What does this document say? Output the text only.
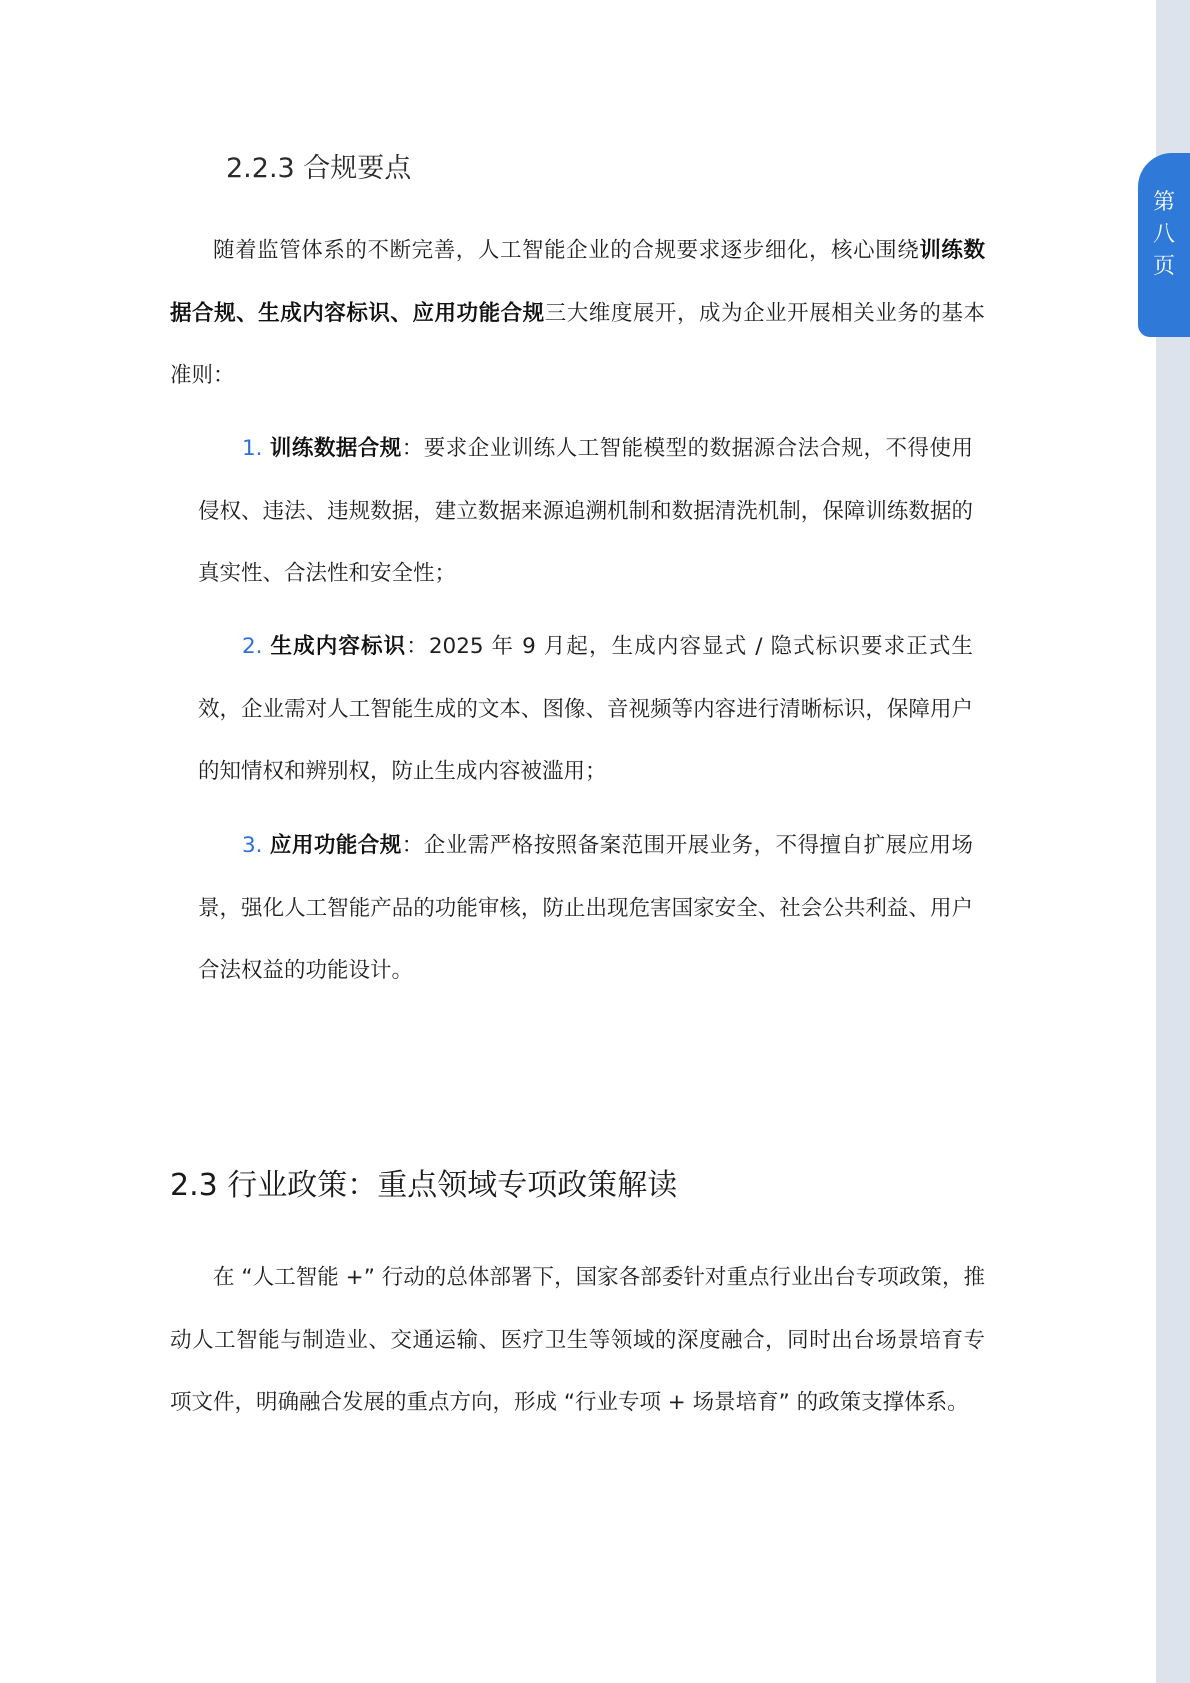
2.2.3 合规要点

随着监管体系的不断完善，人工智能企业的合规要求逐步细化，核心围绕训练数据合规、生成内容标识、应用功能合规三大维度展开，成为企业开展相关业务的基本准则：

1. 训练数据合规：要求企业训练人工智能模型的数据源合法合规，不得使用侵权、违法、违规数据，建立数据来源追溯机制和数据清洗机制，保障训练数据的真实性、合法性和安全性；

2. 生成内容标识：2025 年 9 月起，生成内容显式 / 隐式标识要求正式生效，企业需对人工智能生成的文本、图像、音视频等内容进行清晰标识，保障用户的知情权和辨别权，防止生成内容被滥用；

3. 应用功能合规：企业需严格按照备案范围开展业务，不得擅自扩展应用场景，强化人工智能产品的功能审核，防止出现危害国家安全、社会公共利益、用户合法权益的功能设计。

2.3 行业政策：重点领域专项政策解读

在 “人工智能 +” 行动的总体部署下，国家各部委针对重点行业出台专项政策，推动人工智能与制造业、交通运输、医疗卫生等领域的深度融合，同时出台场景培育专项文件，明确融合发展的重点方向，形成 “行业专项 + 场景培育” 的政策支撑体系。

第
八
页
